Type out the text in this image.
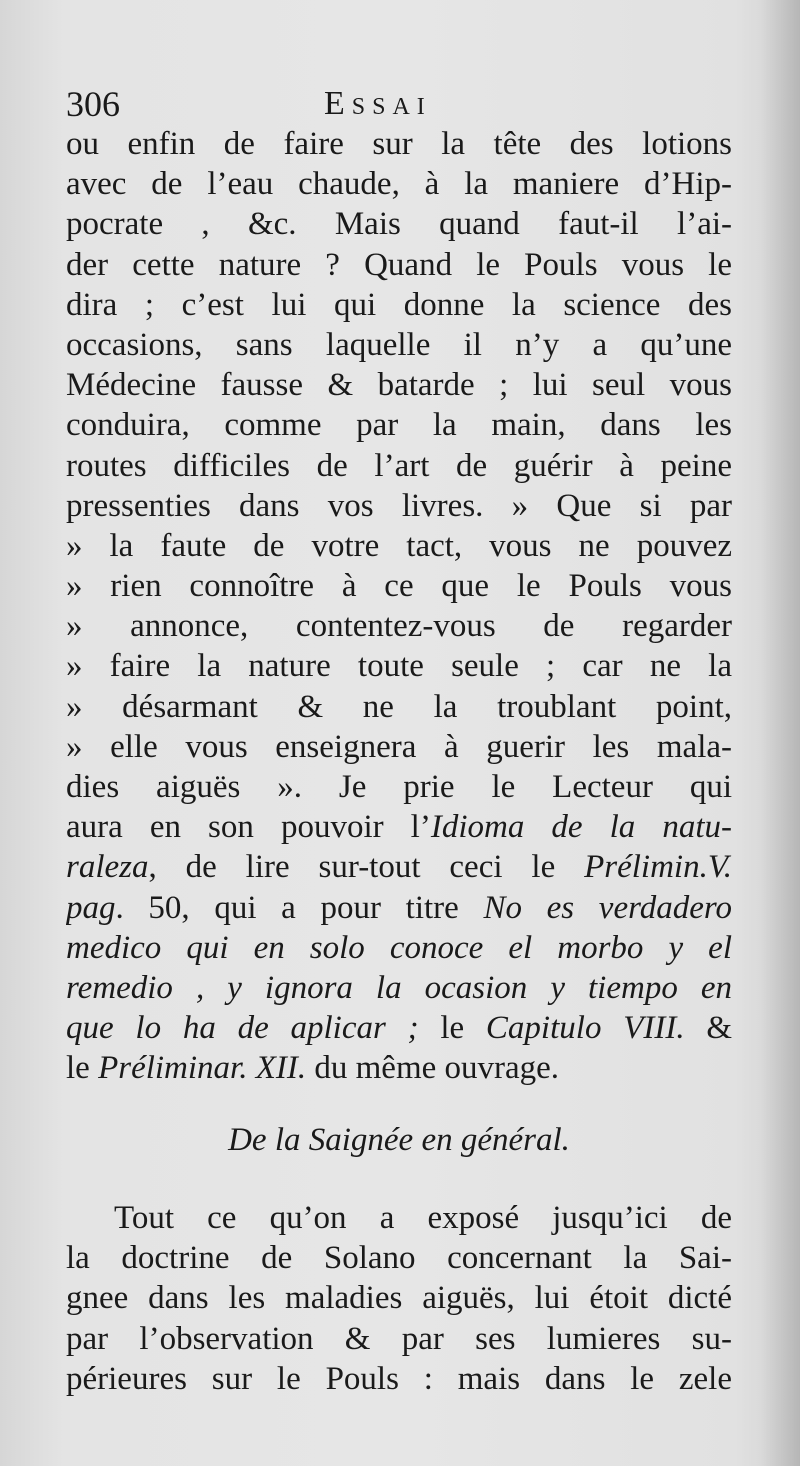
306	Essai
ou enfin de faire sur la tête des lotions
avec de l’eau chaude, à la maniere d’Hip-
pocrate , &c. Mais quand faut-il l’ai-
der cette nature ? Quand le Pouls vous le
dira ; c’est lui qui donne la science des
occasions, sans laquelle il n’y a qu’une
Médecine fausse & batarde ; lui seul vous
conduira, comme par la main, dans les
routes difficiles de l’art de guérir à peine
pressenties dans vos livres. » Que si par
» la faute de votre tact, vous ne pouvez
» rien connoître à ce que le Pouls vous
» annonce, contentez-vous de regarder
» faire la nature toute seule ; car ne la
» désarmant & ne la troublant point,
» elle vous enseignera à guerir les mala-
dies aiguës ». Je prie le Lecteur qui
aura en son pouvoir l’Idioma de la natu-
raleza, de lire sur-tout ceci le Prélimin.V.
pag. 50, qui a pour titre No es verdadero
medico qui en solo conoce el morbo y el
remedio , y ignora la ocasion y tiempo en
que lo ha de aplicar ; le Capitulo VIII. &
le Préliminar. XII. du même ouvrage.
De la Saignée en général.
Tout ce qu’on a exposé jusqu’ici de
la doctrine de Solano concernant la Sai-
gnee dans les maladies aiguës, lui étoit dicté
par l’observation & par ses lumieres su-
périeures sur le Pouls : mais dans le zele
